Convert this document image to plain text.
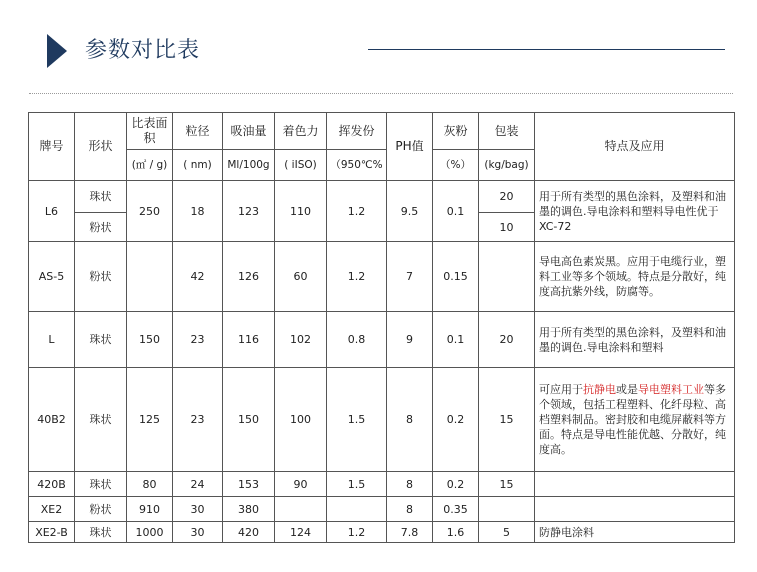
参数对比表
牌号	形状	比表面积	粒径	吸油量	着色力	挥发份	PH值	灰粉	包装	特点及应用
		(㎡ / g)	( nm)	Ml/100g	( iISO)	（950℃%		（%）	(kg/bag)	
L6	珠状	250	18	123	110	1.2	9.5	0.1	20	用于所有类型的黑色涂料，及塑料和油墨的调色.导电涂料和塑料导电性优于XC-72
	粉状								10	
AS-5	粉状		42	126	60	1.2	7	0.15		导电高色素炭黑。应用于电缆行业，塑料工业等多个领域。特点是分散好，纯度高抗紫外线，防腐等。
L	珠状	150	23	116	102	0.8	9	0.1	20	用于所有类型的黑色涂料，及塑料和油墨的调色.导电涂料和塑料
40B2	珠状	125	23	150	100	1.5	8	0.2	15	可应用于抗静电或是导电塑料工业等多个领域，包括工程塑料、化纤母粒、高档塑料制品。密封胶和电缆屏蔽料等方面。特点是导电性能优越、分散好，纯度高。
420B	珠状	80	24	153	90	1.5	8	0.2	15	
XE2	粉状	910	30	380			8	0.35		
XE2-B	珠状	1000	30	420	124	1.2	7.8	1.6	5	防静电涂料
